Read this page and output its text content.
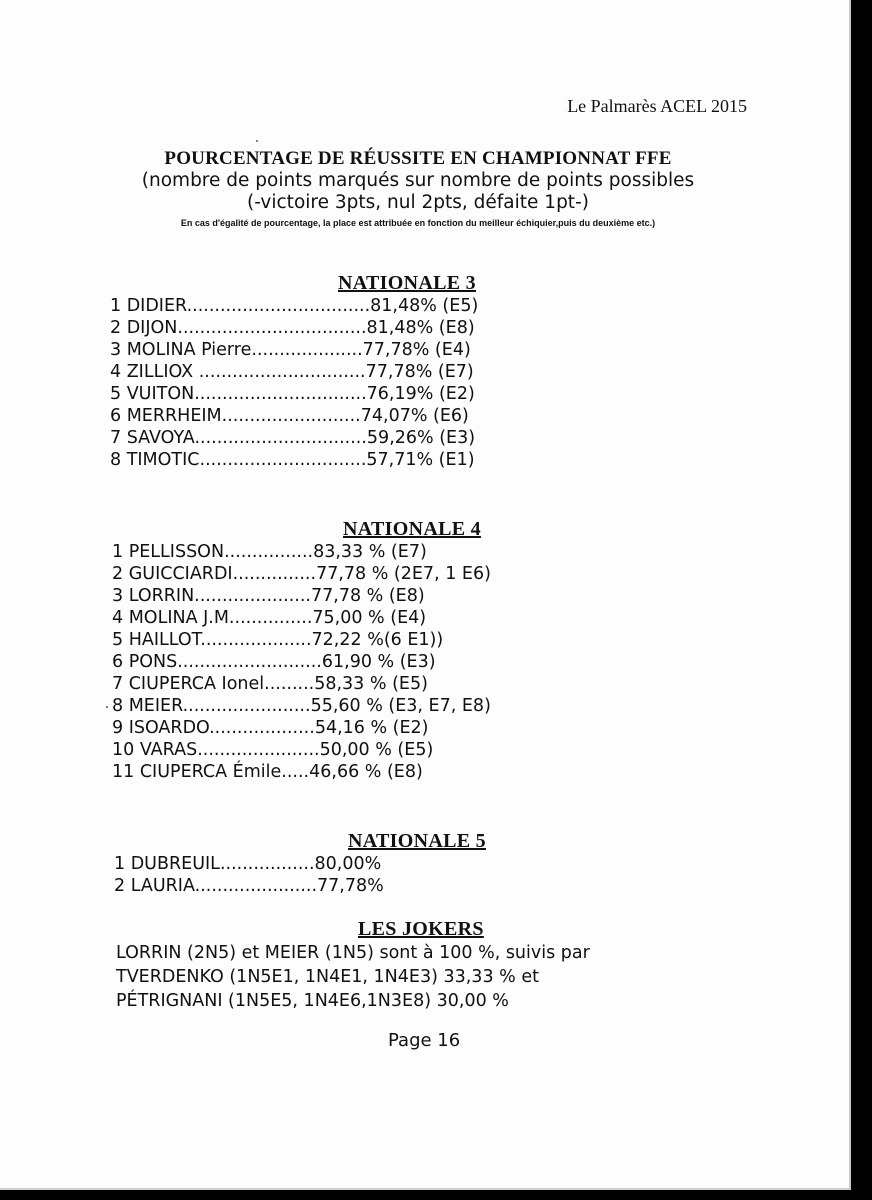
Le Palmarès ACEL 2015
POURCENTAGE DE RÉUSSITE EN CHAMPIONNAT FFE
(nombre de points marqués sur nombre de points possibles
(-victoire 3pts, nul 2pts, défaite 1pt-)
En cas d'égalité de pourcentage, la place est attribuée en fonction du meilleur échiquier,puis du deuxième etc.)
NATIONALE 3
1 DIDIER.................................81,48% (E5)
2 DIJON..................................81,48% (E8)
3 MOLINA Pierre....................77,78% (E4)
4 ZILLIOX ..............................77,78% (E7)
5 VUITON...............................76,19% (E2)
6 MERRHEIM.........................74,07% (E6)
7 SAVOYA...............................59,26% (E3)
8 TIMOTIC..............................57,71% (E1)
NATIONALE 4
1 PELLISSON................83,33 % (E7)
2 GUICCIARDI...............77,78 % (2E7, 1 E6)
3 LORRIN.....................77,78 % (E8)
4 MOLINA J.M...............75,00 % (E4)
5 HAILLOT....................72,22 %(6 E1))
6 PONS..........................61,90 % (E3)
7 CIUPERCA Ionel.........58,33 % (E5)
8 MEIER.......................55,60 % (E3, E7, E8)
9 ISOARDO...................54,16 % (E2)
10 VARAS......................50,00 % (E5)
11 CIUPERCA Émile.....46,66 % (E8)
NATIONALE 5
1 DUBREUIL.................80,00%
2 LAURIA......................77,78%
LES JOKERS
LORRIN (2N5) et MEIER (1N5) sont à 100 %, suivis par
TVERDENKO (1N5E1, 1N4E1, 1N4E3) 33,33 % et
PÉTRIGNANI (1N5E5, 1N4E6,1N3E8) 30,00 %
Page 16
